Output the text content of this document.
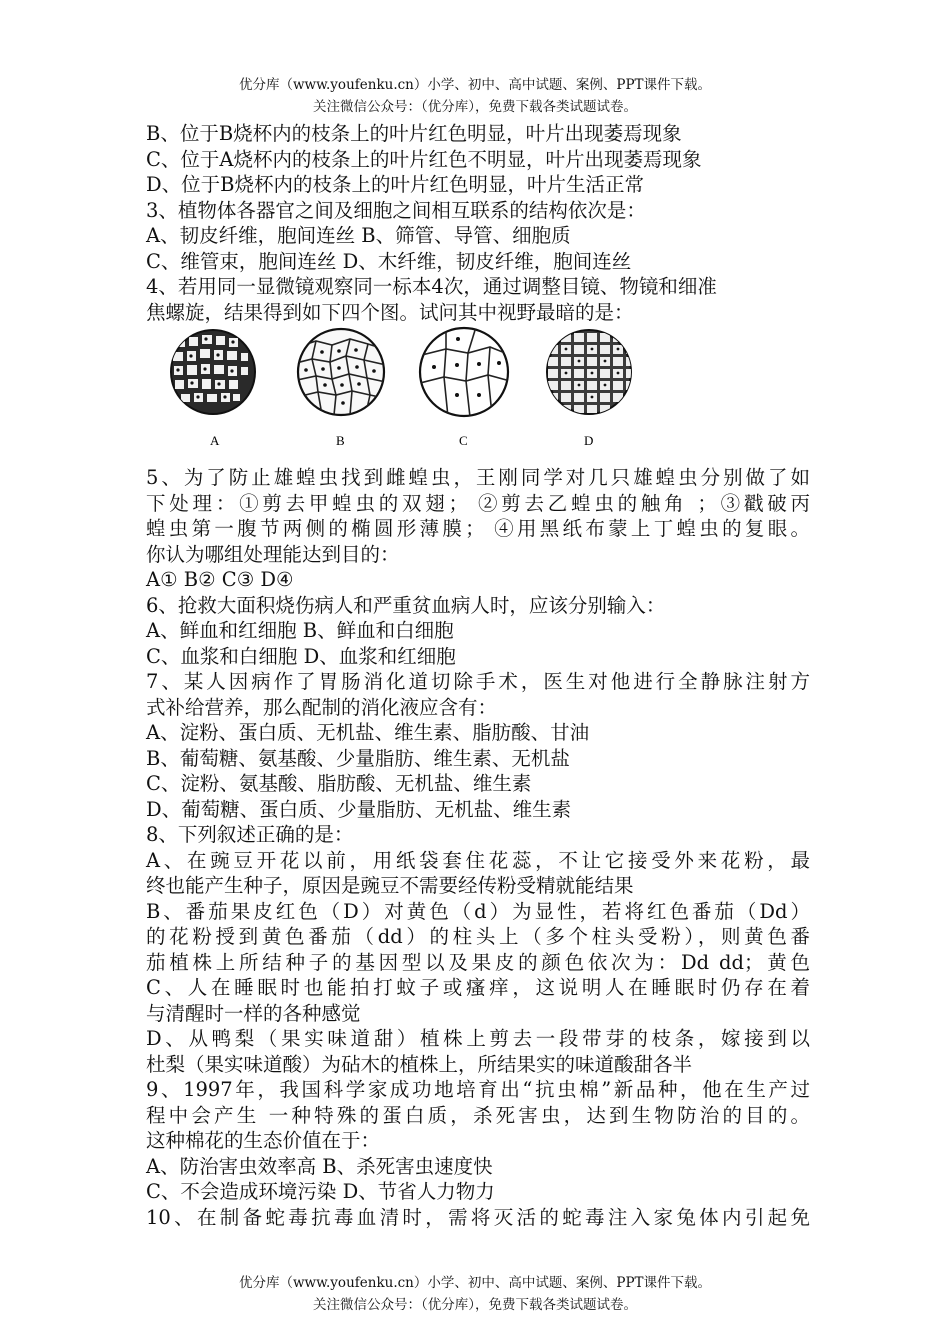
优分库（www.youfenku.cn）小学、初中、高中试题、案例、PPT课件下载。
关注微信公众号：（优分库），免费下载各类试题试卷。
B、位于B烧杯内的枝条上的叶片红色明显，叶片出现萎焉现象
C、位于A烧杯内的枝条上的叶片红色不明显，叶片出现萎焉现象
D、位于B烧杯内的枝条上的叶片红色明显，叶片生活正常
3、植物体各器官之间及细胞之间相互联系的结构依次是：
A、韧皮纤维，胞间连丝 B、筛管、导管、细胞质
C、维管束，胞间连丝 D、木纤维，韧皮纤维，胞间连丝
4、若用同一显微镜观察同一标本4次，通过调整目镜、物镜和细准
焦螺旋，结果得到如下四个图。试问其中视野最暗的是：
A	B	C	D
5、为了防止雄蝗虫找到雌蝗虫，王刚同学对几只雄蝗虫分别做了如
下处理：①剪去甲蝗虫的双翅； ②剪去乙蝗虫的触角 ；③戳破丙
蝗虫第一腹节两侧的椭圆形薄膜； ④用黑纸布蒙上丁蝗虫的复眼。
你认为哪组处理能达到目的：
A① B② C③ D④
6、抢救大面积烧伤病人和严重贫血病人时，应该分别输入：
A、鲜血和红细胞 B、鲜血和白细胞
C、血浆和白细胞 D、血浆和红细胞
7、某人因病作了胃肠消化道切除手术，医生对他进行全静脉注射方
式补给营养，那么配制的消化液应含有：
A、淀粉、蛋白质、无机盐、维生素、脂肪酸、甘油
B、葡萄糖、氨基酸、少量脂肪、维生素、无机盐
C、淀粉、氨基酸、脂肪酸、无机盐、维生素
D、葡萄糖、蛋白质、少量脂肪、无机盐、维生素
8、下列叙述正确的是：
A、在豌豆开花以前，用纸袋套住花蕊，不让它接受外来花粉，最
终也能产生种子，原因是豌豆不需要经传粉受精就能结果
B、番茄果皮红色（D）对黄色（d）为显性，若将红色番茄（Dd）
的花粉授到黄色番茄（dd）的柱头上（多个柱头受粉），则黄色番
茄植株上所结种子的基因型以及果皮的颜色依次为：Dd dd；黄色
C、人在睡眠时也能拍打蚊子或瘙痒，这说明人在睡眠时仍存在着
与清醒时一样的各种感觉
D、从鸭梨（果实味道甜）植株上剪去一段带芽的枝条，嫁接到以
杜梨（果实味道酸）为砧木的植株上，所结果实的味道酸甜各半
9、1997年，我国科学家成功地培育出“抗虫棉”新品种，他在生产过
程中会产生 一种特殊的蛋白质，杀死害虫，达到生物防治的目的。
这种棉花的生态价值在于：
A、防治害虫效率高 B、杀死害虫速度快
C、不会造成环境污染 D、节省人力物力
10、在制备蛇毒抗毒血清时，需将灭活的蛇毒注入家兔体内引起免
优分库（www.youfenku.cn）小学、初中、高中试题、案例、PPT课件下载。
关注微信公众号：（优分库），免费下载各类试题试卷。
